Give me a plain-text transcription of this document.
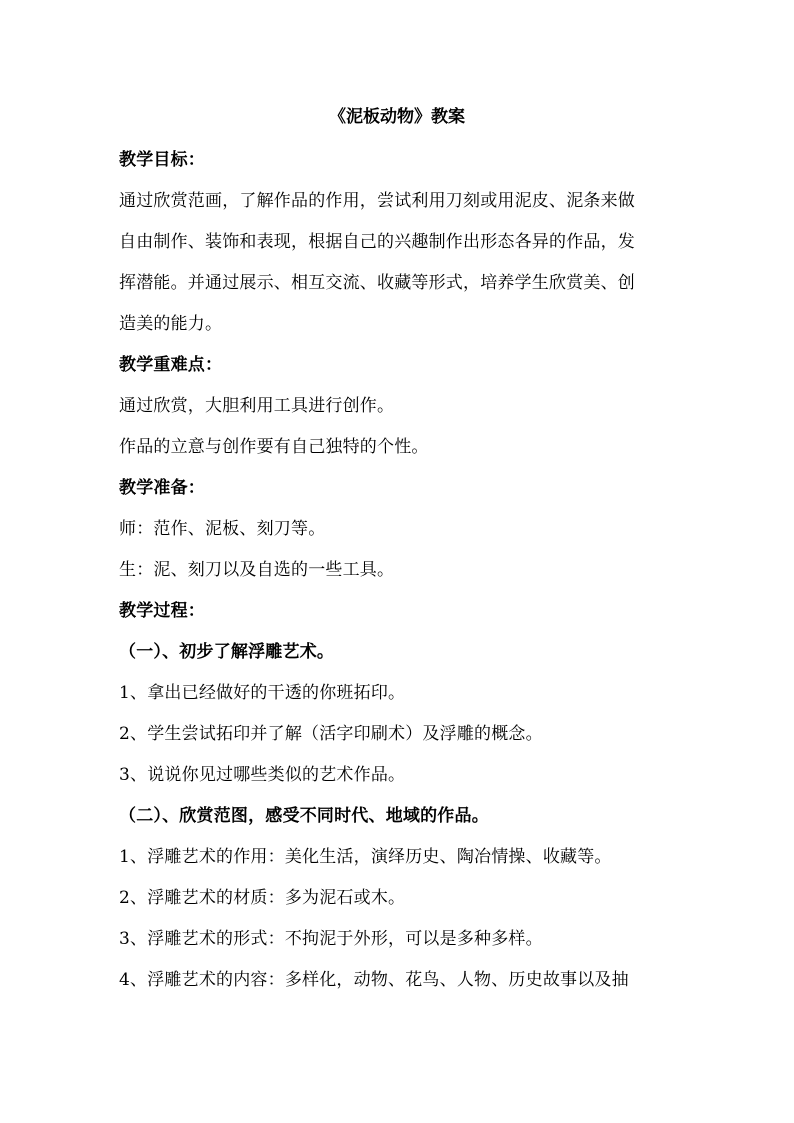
《泥板动物》教案
教学目标：
通过欣赏范画，了解作品的作用，尝试利用刀刻或用泥皮、泥条来做
自由制作、装饰和表现，根据自己的兴趣制作出形态各异的作品，发
挥潜能。并通过展示、相互交流、收藏等形式，培养学生欣赏美、创
造美的能力。
教学重难点：
通过欣赏，大胆利用工具进行创作。
作品的立意与创作要有自己独特的个性。
教学准备：
师：范作、泥板、刻刀等。
生：泥、刻刀以及自选的一些工具。
教学过程：
（一）、初步了解浮雕艺术。
1、拿出已经做好的干透的你班拓印。
2、学生尝试拓印并了解（活字印刷术）及浮雕的概念。
3、说说你见过哪些类似的艺术作品。
（二）、欣赏范图，感受不同时代、地域的作品。
1、浮雕艺术的作用：美化生活，演绎历史、陶冶情操、收藏等。
2、浮雕艺术的材质：多为泥石或木。
3、浮雕艺术的形式：不拘泥于外形，可以是多种多样。
4、浮雕艺术的内容：多样化，动物、花鸟、人物、历史故事以及抽
